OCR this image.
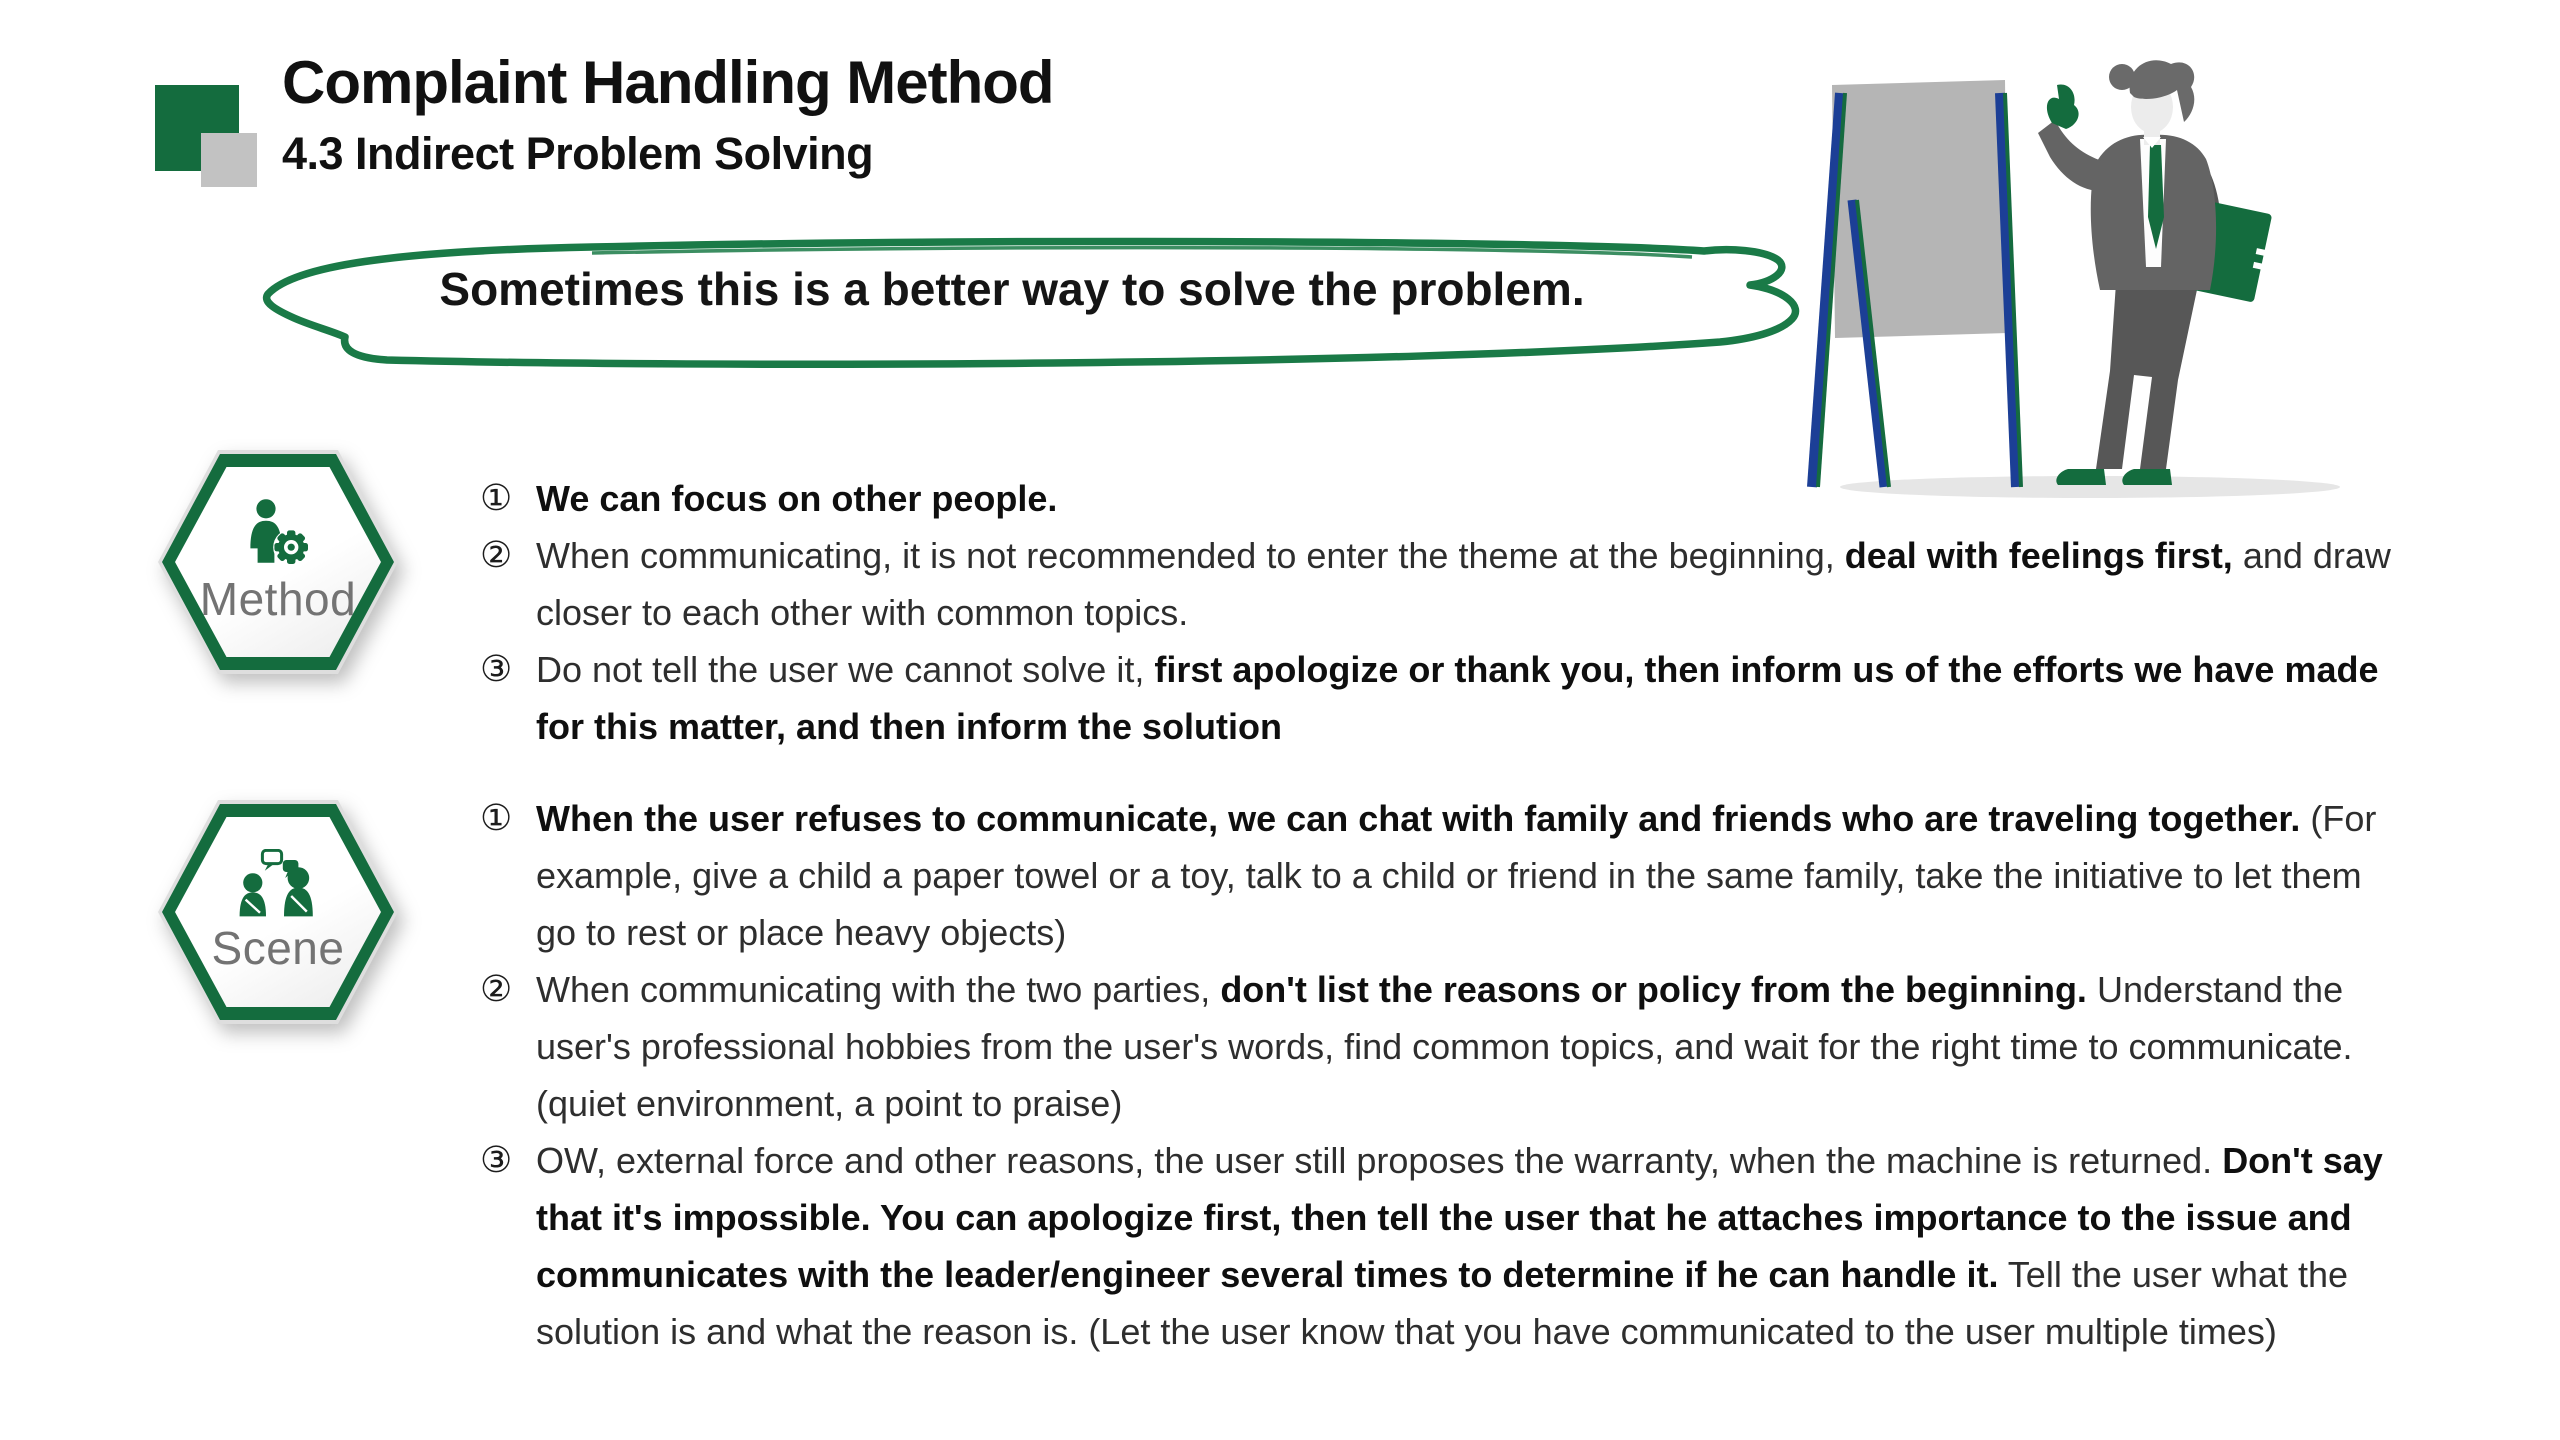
Complaint Handling Method
4.3 Indirect Problem Solving
Sometimes this is a better way to solve the problem.
Method
① We can focus on other people.
② When communicating, it is not recommended to enter the theme at the beginning, deal with feelings first, and draw closer to each other with common topics.
③ Do not tell the user we cannot solve it, first apologize or thank you, then inform us of the efforts we have made for this matter, and then inform the solution
Scene
① When the user refuses to communicate, we can chat with family and friends who are traveling together. (For example, give a child a paper towel or a toy, talk to a child or friend in the same family, take the initiative to let them go to rest or place heavy objects)
② When communicating with the two parties, don't list the reasons or policy from the beginning. Understand the user's professional hobbies from the user's words, find common topics, and wait for the right time to communicate. (quiet environment, a point to praise)
③ OW, external force and other reasons, the user still proposes the warranty, when the machine is returned. Don't say that it's impossible. You can apologize first, then tell the user that he attaches importance to the issue and communicates with the leader/engineer several times to determine if he can handle it. Tell the user what the solution is and what the reason is. (Let the user know that you have communicated to the user multiple times)
